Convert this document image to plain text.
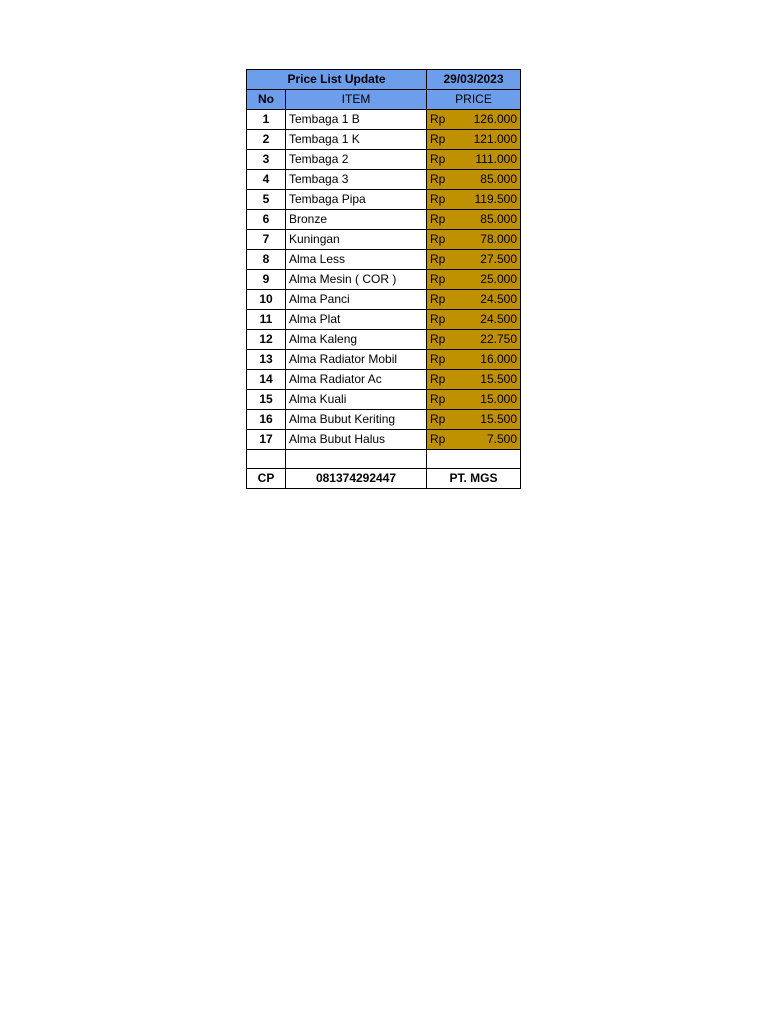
Price List Update		29/03/2023
No	ITEM	PRICE
1	Tembaga 1 B	Rp 126.000

2	Tembaga 1 K	Rp 121.000

3	Tembaga 2	Rp 111.000

4	Tembaga 3	Rp 85.000

5	Tembaga Pipa	Rp 119.500

6	Bronze	Rp 85.000

7	Kuningan	Rp 78.000

8	Alma Less	Rp 27.500

9	Alma Mesin ( COR )	Rp 25.000

10	Alma Panci	Rp 24.500

11	Alma Plat	Rp 24.500

12	Alma Kaleng	Rp 22.750

13	Alma Radiator Mobil	Rp 16.000

14	Alma Radiator Ac	Rp 15.500

15	Alma Kuali	Rp 15.000

16	Alma Bubut Keriting	Rp 15.500

17	Alma Bubut Halus	Rp 7.500

CP	081374292447	PT. MGS
